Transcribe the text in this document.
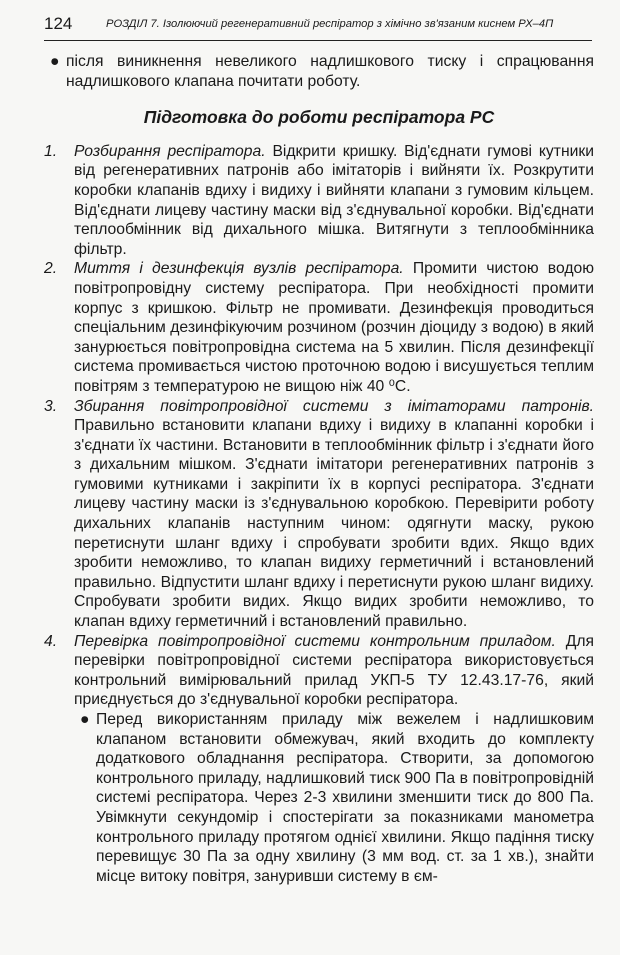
124	РОЗДІЛ 7. Ізолюючий регенеративний респіратор з хімічно зв'язаним киснем РХ–4П

● після виникнення невеликого надлишкового тиску і спрацювання надлишкового клапана почитати роботу.

Підготовка до роботи респіратора РС

1. Розбирання респіратора. Відкрити кришку. Від'єднати гумові кутники від регенеративних патронів або імітаторів і вийняти їх. Розкрутити коробки клапанів вдиху і видиху і вийняти клапани з гумовим кільцем. Від'єднати лицеву частину маски від з'єднувальної коробки. Від'єднати теплообмінник від дихального мішка. Витягнути з теплообмінника фільтр.

2. Миття і дезинфекція вузлів респіратора. Промити чистою водою повітропровідну систему респіратора. При необхідності промити корпус з кришкою. Фільтр не промивати. Дезинфекція проводиться спеціальним дезинфікуючим розчином (розчин діоциду з водою) в який занурюється повітропровідна система на 5 хвилин. Після дезинфекції система промивається чистою проточною водою і висушується теплим повітрям з температурою не вищою ніж 40 ⁰С.

3. Збирання повітропровідної системи з імітаторами патронів. Правильно встановити клапани вдиху і видиху в клапанні коробки і з'єднати їх частини. Встановити в теплообмінник фільтр і з'єднати його з дихальним мішком. З'єднати імітатори регенеративних патронів з гумовими кутниками і закріпити їх в корпусі респіратора. З'єднати лицеву частину маски із з'єднувальною коробкою. Перевірити роботу дихальних клапанів наступним чином: одягнути маску, рукою перетиснути шланг вдиху і спробувати зробити вдих. Якщо вдих зробити неможливо, то клапан видиху герметичний і встановлений правильно. Відпустити шланг вдиху і перетиснути рукою шланг видиху. Спробувати зробити видих. Якщо видих зробити неможливо, то клапан вдиху герметичний і встановлений правильно.

4. Перевірка повітропровідної системи контрольним приладом. Для перевірки повітропровідної системи респіратора використовується контрольний вимірювальний прилад УКП-5 ТУ 12.43.17-76, який приєднується до з'єднувальної коробки респіратора.

● Перед використанням приладу між вежелем і надлишковим клапаном встановити обмежувач, який входить до комплекту додаткового обладнання респіратора. Створити, за допомогою контрольного приладу, надлишковий тиск 900 Па в повітропровідній системі респіратора. Через 2-3 хвилини зменшити тиск до 800 Па. Увімкнути секундомір і спостерігати за показниками манометра контрольного приладу протягом однієї хвилини. Якщо падіння тиску перевищує 30 Па за одну хвилину (3 мм вод. ст. за 1 хв.), знайти місце витоку повітря, зануривши систему в єм-
